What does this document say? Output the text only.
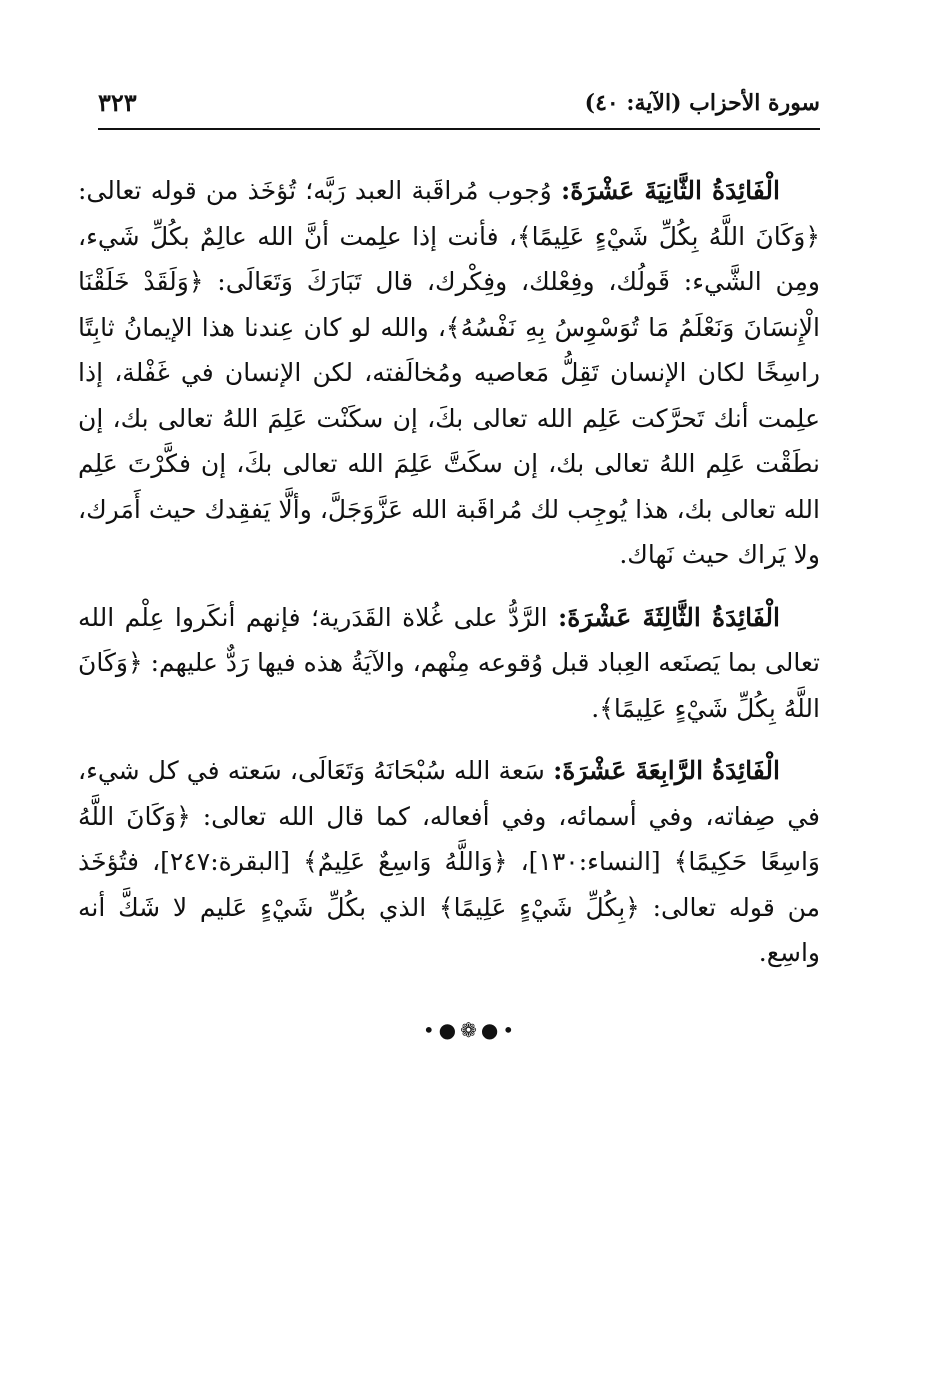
سورة الأحزاب (الآية: ٤٠)
٣٢٣

الْفَائِدَةُ الثَّانِيَةَ عَشْرَةَ: وُجوب مُراقَبة العبد رَبَّه؛ تُؤخَذ من قوله تعالى: ﴿وَكَانَ اللَّهُ بِكُلِّ شَيْءٍ عَلِيمًا﴾، فأنت إذا علِمت أنَّ الله عالِمٌ بكُلِّ شَيء، ومِن الشَّيء: قَولُك، وفِعْلك، وفِكْرك، قال تَبَارَكَ وَتَعَالَى: ﴿وَلَقَدْ خَلَقْنَا الْإِنسَانَ وَنَعْلَمُ مَا تُوَسْوِسُ بِهِ نَفْسُهُ﴾، والله لو كان عِندنا هذا الإيمانُ ثابِتًا راسِخًا لكان الإنسان تَقِلُّ مَعاصيه ومُخالَفته، لكن الإنسان في غَفْلة، إذا علِمت أنك تَحرَّكت عَلِم الله تعالى بكَ، إن سكَنْت عَلِمَ اللهُ تعالى بك، إن نطَقْت عَلِم اللهُ تعالى بك، إن سكَتَّ عَلِمَ الله تعالى بكَ، إن فكَّرْتَ عَلِم الله تعالى بك، هذا يُوجِب لك مُراقَبة الله عَزَّوَجَلَّ، وألَّا يَفقِدك حيث أَمَرك، ولا يَراك حيث نَهاك.

الْفَائِدَةُ الثَّالِثَةَ عَشْرَةَ: الرَّدُّ على غُلاة القَدَرية؛ فإنهم أنكَروا عِلْم الله تعالى بما يَصنَعه العِباد قبل وُقوعه مِنْهم، والآيَةُ هذه فيها رَدٌّ عليهم: ﴿وَكَانَ اللَّهُ بِكُلِّ شَيْءٍ عَلِيمًا﴾.

الْفَائِدَةُ الرَّابِعَةَ عَشْرَةَ: سَعة الله سُبْحَانَهُ وَتَعَالَى، سَعته في كل شيء، في صِفاته، وفي أسمائه، وفي أفعاله، كما قال الله تعالى: ﴿وَكَانَ اللَّهُ وَاسِعًا حَكِيمًا﴾ [النساء:١٣٠]، ﴿وَاللَّهُ وَاسِعٌ عَلِيمٌ﴾ [البقرة:٢٤٧]، فتُؤخَذ من قوله تعالى: ﴿بِكُلِّ شَيْءٍ عَلِيمًا﴾ الذي بكُلِّ شَيْءٍ عَليم لا شَكَّ أنه واسِع.

•●❁●•
